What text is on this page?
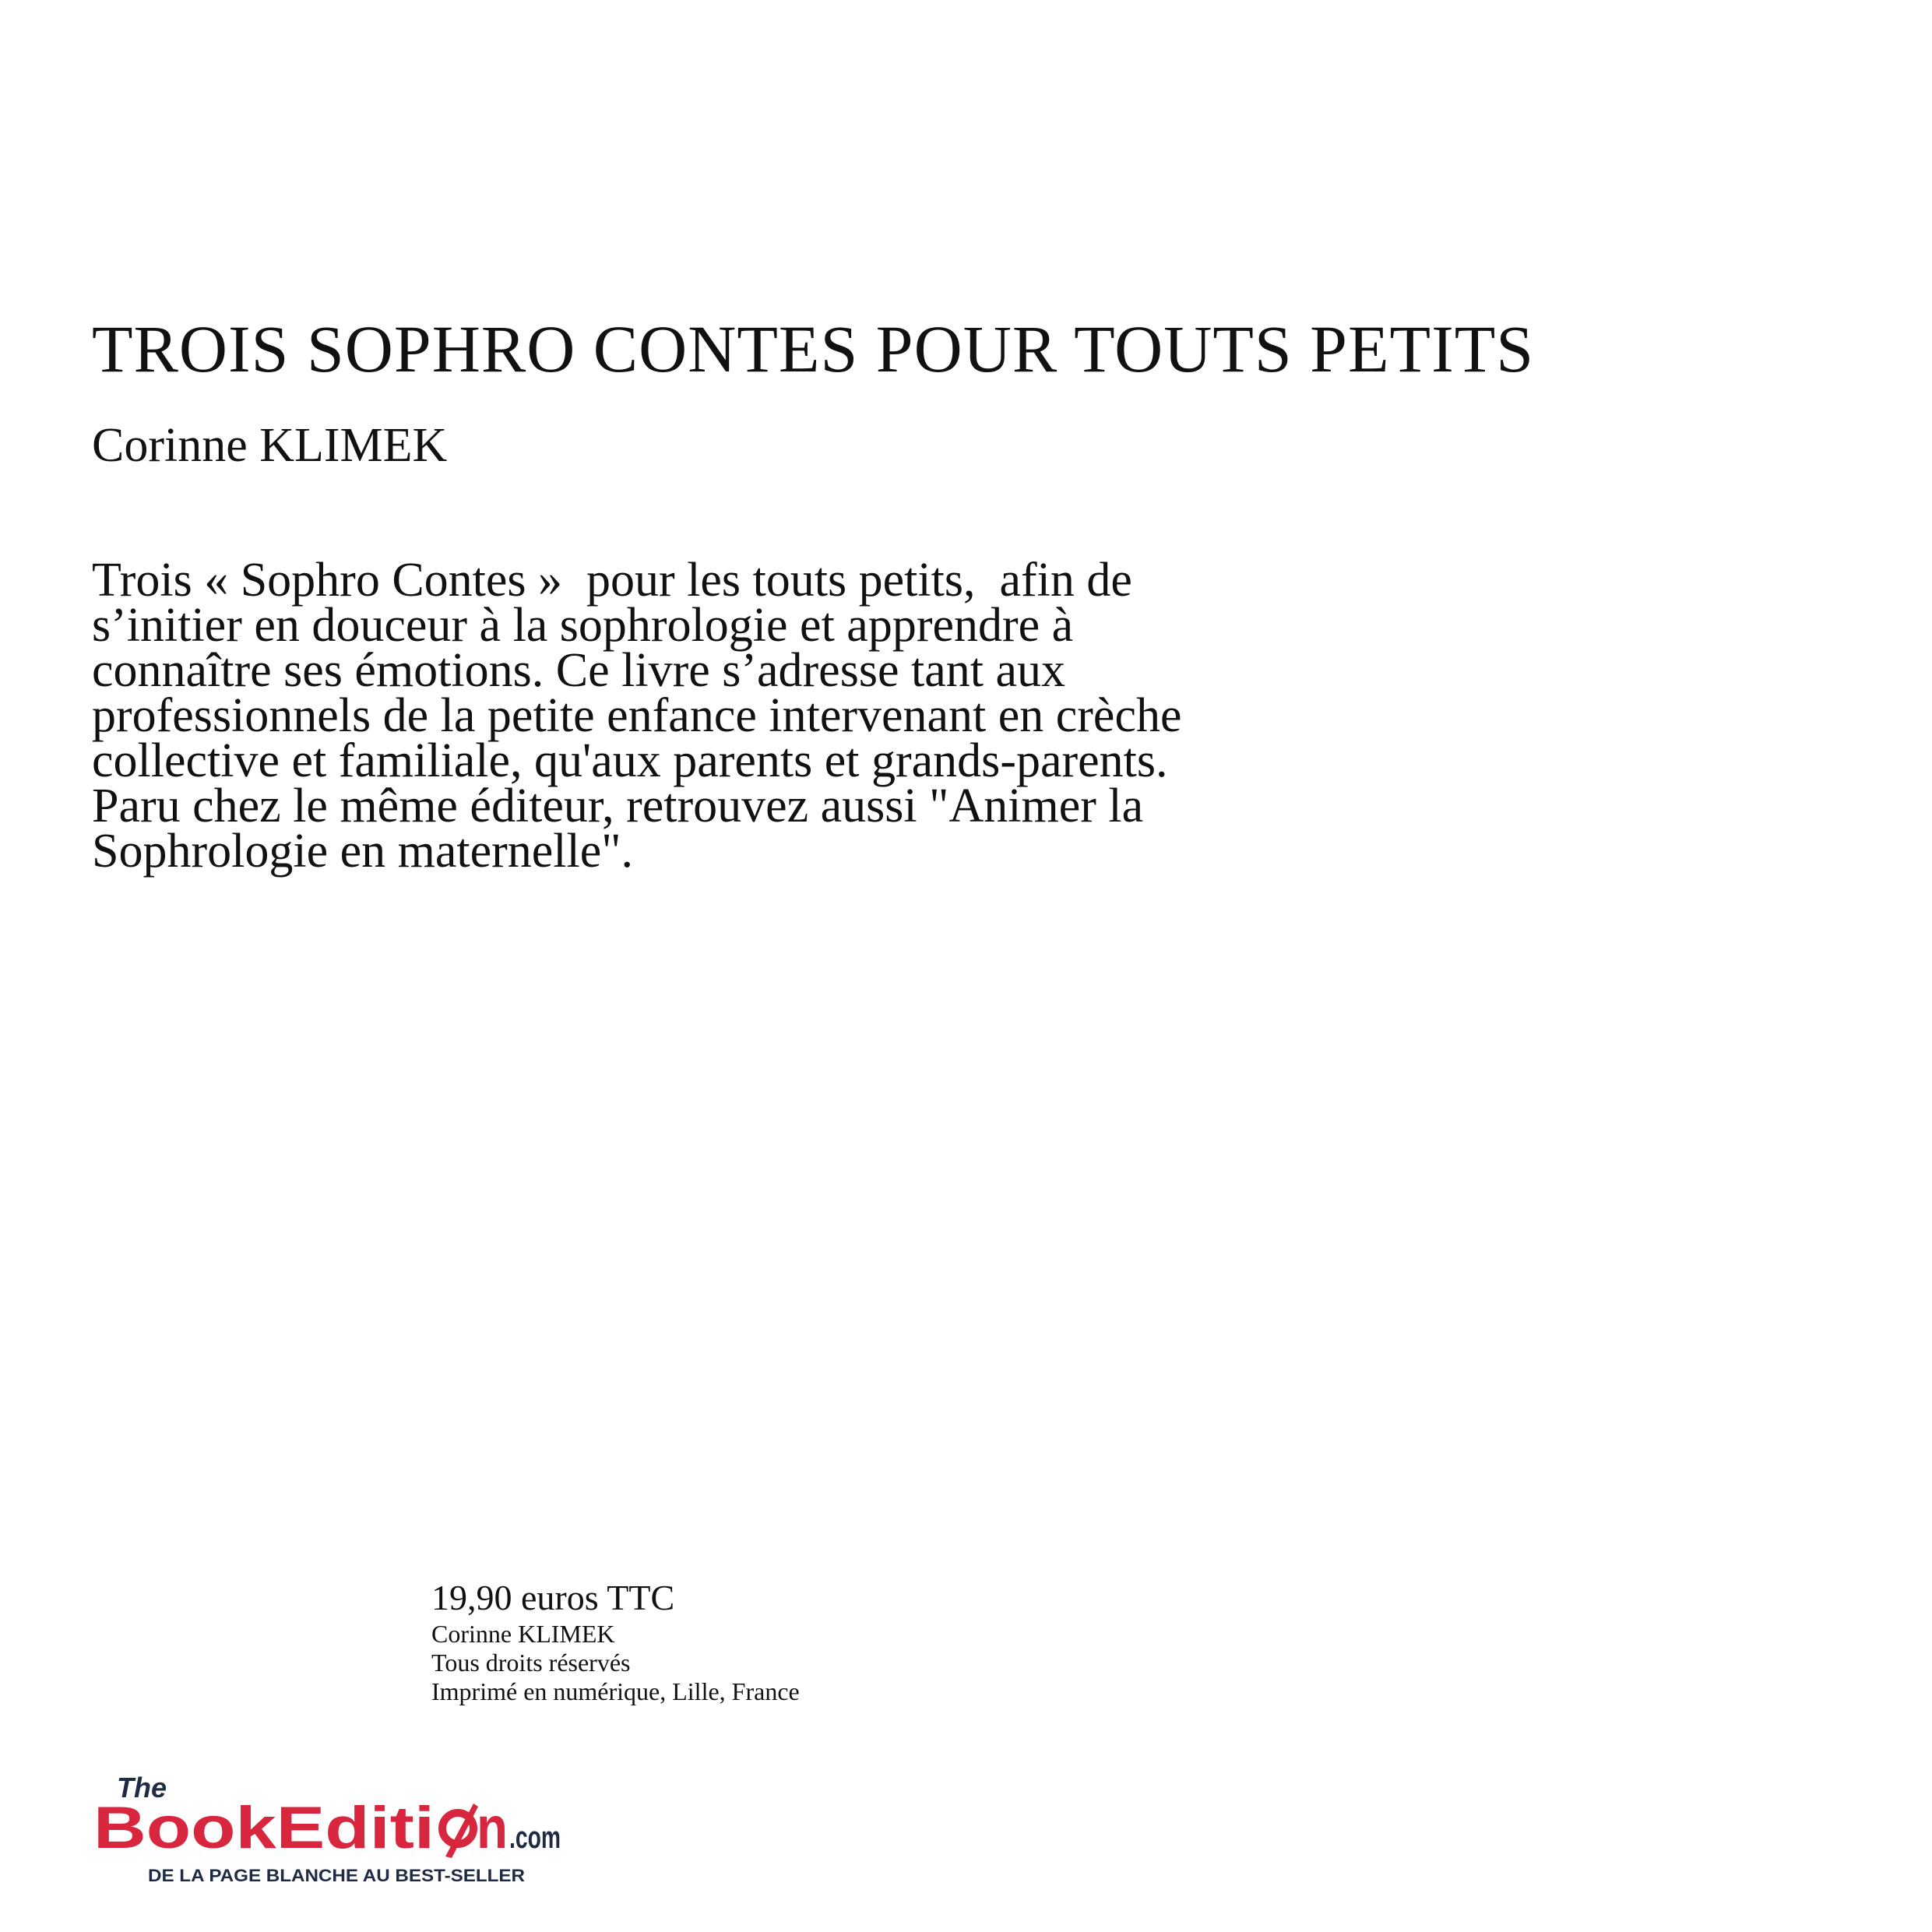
TROIS SOPHRO CONTES POUR TOUTS PETITS
Corinne KLIMEK
Trois « Sophro Contes »  pour les touts petits,  afin de
s’initier en douceur à la sophrologie et apprendre à
connaître ses émotions. Ce livre s’adresse tant aux
professionnels de la petite enfance intervenant en crèche
collective et familiale, qu'aux parents et grands-parents.
Paru chez le même éditeur, retrouvez aussi "Animer la
Sophrologie en maternelle".
19,90 euros TTC
Corinne KLIMEK
Tous droits réservés
Imprimé en numérique, Lille, France
The
BookEditi n .com
DE LA PAGE BLANCHE AU BEST-SELLER
